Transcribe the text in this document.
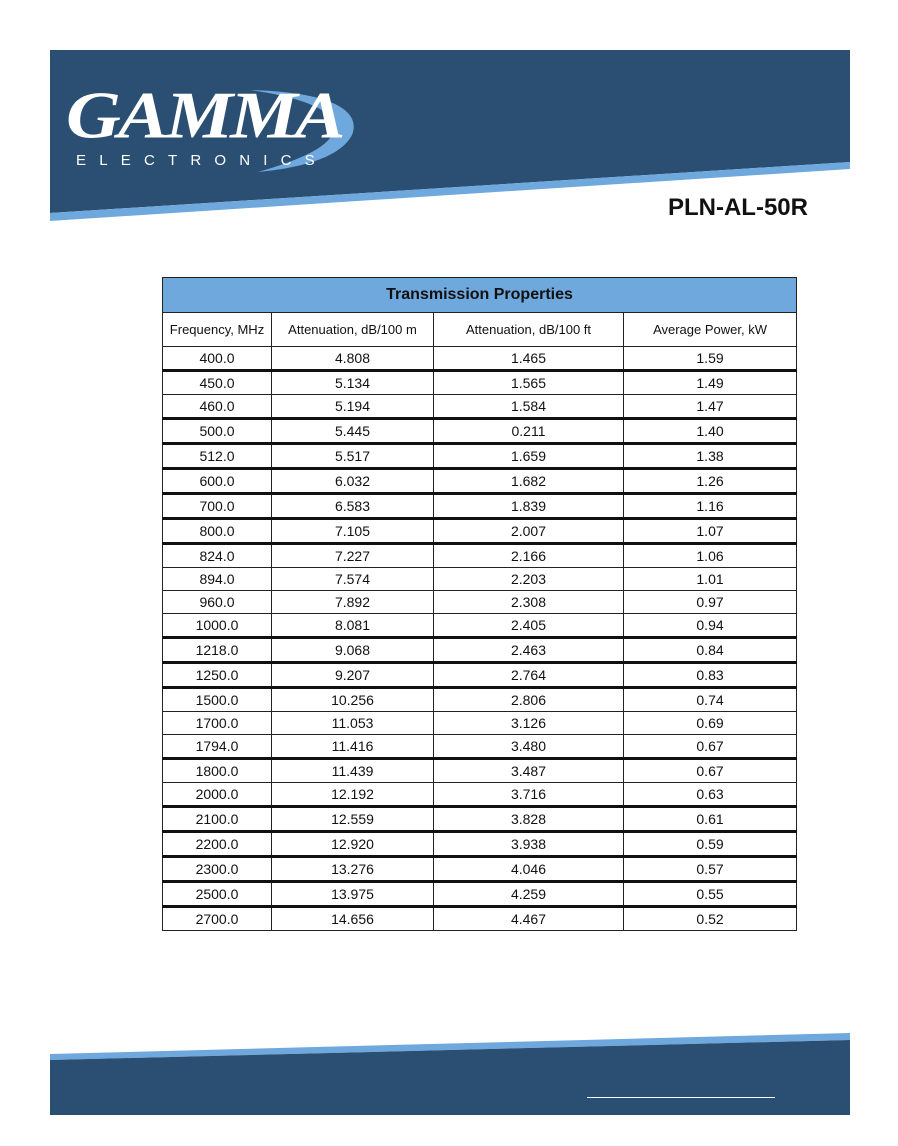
GAMMA
ELECTRONICS
PLN-AL-50R
Transmission Properties			
Frequency, MHz	Attenuation, dB/100 m	Attenuation, dB/100 ft	Average Power, kW
400.0	4.808	1.465	1.59
450.0	5.134	1.565	1.49
460.0	5.194	1.584	1.47
500.0	5.445	0.211	1.40
512.0	5.517	1.659	1.38
600.0	6.032	1.682	1.26
700.0	6.583	1.839	1.16
800.0	7.105	2.007	1.07
824.0	7.227	2.166	1.06
894.0	7.574	2.203	1.01
960.0	7.892	2.308	0.97
1000.0	8.081	2.405	0.94
1218.0	9.068	2.463	0.84
1250.0	9.207	2.764	0.83
1500.0	10.256	2.806	0.74
1700.0	11.053	3.126	0.69
1794.0	11.416	3.480	0.67
1800.0	11.439	3.487	0.67
2000.0	12.192	3.716	0.63
2100.0	12.559	3.828	0.61
2200.0	12.920	3.938	0.59
2300.0	13.276	4.046	0.57
2500.0	13.975	4.259	0.55
2700.0	14.656	4.467	0.52
